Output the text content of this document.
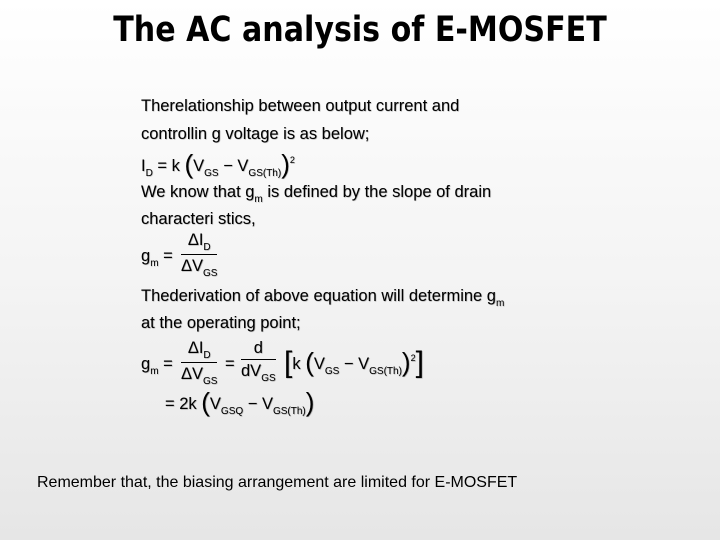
The AC analysis of E-MOSFET
Therelationship between output current and
controllin g voltage is as below;
$I_D = k$ $(V_{GS} - V_{GS(Th)})^2$
We know that $g_m$ is defined by the slope of drain
characteri stics,
$g_m$ =
$\Delta I_D$
$\Delta V_{GS}$
Thederivation of above equation will determine $g_m$
at the operating point;
$g_m$ =
$\Delta I_D$
$\Delta V_{GS}$
=
d
$dV_{GS}$ [k $(V_{GS} - V_{GS(Th)})^2$]
= 2k $(V_{GSQ} - V_{GS(Th)})$
Remember that, the biasing arrangement are limited for E-MOSFET
